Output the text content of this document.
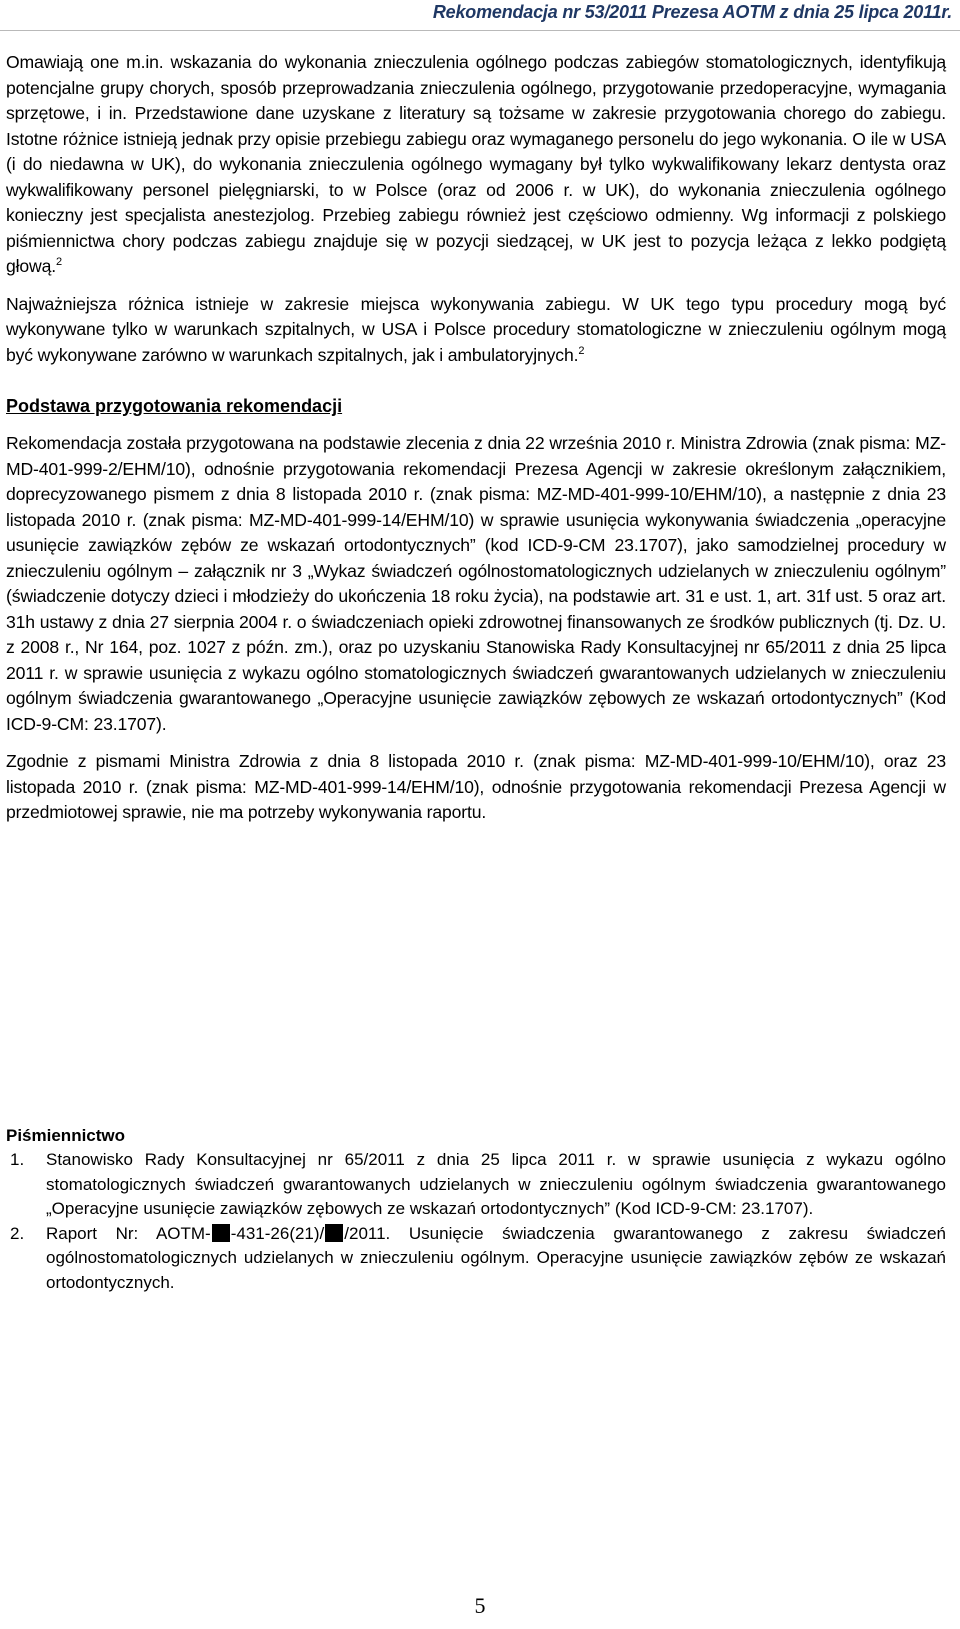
Rekomendacja nr 53/2011 Prezesa AOTM z dnia 25 lipca 2011r.

Omawiają one m.in. wskazania do wykonania znieczulenia ogólnego podczas zabiegów stomatologicznych, identyfikują potencjalne grupy chorych, sposób przeprowadzania znieczulenia ogólnego, przygotowanie przedoperacyjne, wymagania sprzętowe, i in. Przedstawione dane uzyskane z literatury są tożsame w zakresie przygotowania chorego do zabiegu. Istotne różnice istnieją jednak przy opisie przebiegu zabiegu oraz wymaganego personelu do jego wykonania. O ile w USA (i do niedawna w UK), do wykonania znieczulenia ogólnego wymagany był tylko wykwalifikowany lekarz dentysta oraz wykwalifikowany personel pielęgniarski, to w Polsce (oraz od 2006 r. w UK), do wykonania znieczulenia ogólnego konieczny jest specjalista anestezjolog. Przebieg zabiegu również jest częściowo odmienny. Wg informacji z polskiego piśmiennictwa chory podczas zabiegu znajduje się w pozycji siedzącej, w UK jest to pozycja leżąca z lekko podgiętą głową.$^2$

Najważniejsza różnica istnieje w zakresie miejsca wykonywania zabiegu. W UK tego typu procedury mogą być wykonywane tylko w warunkach szpitalnych, w USA i Polsce procedury stomatologiczne w znieczuleniu ogólnym mogą być wykonywane zarówno w warunkach szpitalnych, jak i ambulatoryjnych.$^2$

Podstawa przygotowania rekomendacji

Rekomendacja została przygotowana na podstawie zlecenia z dnia 22 września 2010 r. Ministra Zdrowia (znak pisma: MZ-MD-401-999-2/EHM/10), odnośnie przygotowania rekomendacji Prezesa Agencji w zakresie określonym załącznikiem, doprecyzowanego pismem z dnia 8 listopada 2010 r. (znak pisma: MZ-MD-401-999-10/EHM/10), a następnie z dnia 23 listopada 2010 r. (znak pisma: MZ-MD-401-999-14/EHM/10) w sprawie usunięcia wykonywania świadczenia „operacyjne usunięcie zawiązków zębów ze wskazań ortodontycznych” (kod ICD-9-CM 23.1707), jako samodzielnej procedury w znieczuleniu ogólnym – załącznik nr 3 „Wykaz świadczeń ogólnostomatologicznych udzielanych w znieczuleniu ogólnym” (świadczenie dotyczy dzieci i młodzieży do ukończenia 18 roku życia), na podstawie art. 31 e ust. 1, art. 31f ust. 5 oraz art. 31h ustawy z dnia 27 sierpnia 2004 r. o świadczeniach opieki zdrowotnej finansowanych ze środków publicznych (tj. Dz. U. z 2008 r., Nr 164, poz. 1027 z późn. zm.), oraz po uzyskaniu Stanowiska Rady Konsultacyjnej nr 65/2011 z dnia 25 lipca 2011 r. w sprawie usunięcia z wykazu ogólno stomatologicznych świadczeń gwarantowanych udzielanych w znieczuleniu ogólnym świadczenia gwarantowanego „Operacyjne usunięcie zawiązków zębowych ze wskazań ortodontycznych” (Kod ICD-9-CM: 23.1707).

Zgodnie z pismami Ministra Zdrowia z dnia 8 listopada 2010 r. (znak pisma: MZ-MD-401-999-10/EHM/10), oraz 23 listopada 2010 r. (znak pisma: MZ-MD-401-999-14/EHM/10), odnośnie przygotowania rekomendacji Prezesa Agencji w przedmiotowej sprawie, nie ma potrzeby wykonywania raportu.

Piśmiennictwo
1.	Stanowisko Rady Konsultacyjnej nr 65/2011 z dnia 25 lipca 2011 r. w sprawie usunięcia z wykazu ogólno stomatologicznych świadczeń gwarantowanych udzielanych w znieczuleniu ogólnym świadczenia gwarantowanego „Operacyjne usunięcie zawiązków zębowych ze wskazań ortodontycznych” (Kod ICD-9-CM: 23.1707).
2.	Raport Nr: AOTM- -431-26(21)/ /2011. Usunięcie świadczenia gwarantowanego z zakresu świadczeń ogólnostomatologicznych udzielanych w znieczuleniu ogólnym. Operacyjne usunięcie zawiązków zębów ze wskazań ortodontycznych.
5
